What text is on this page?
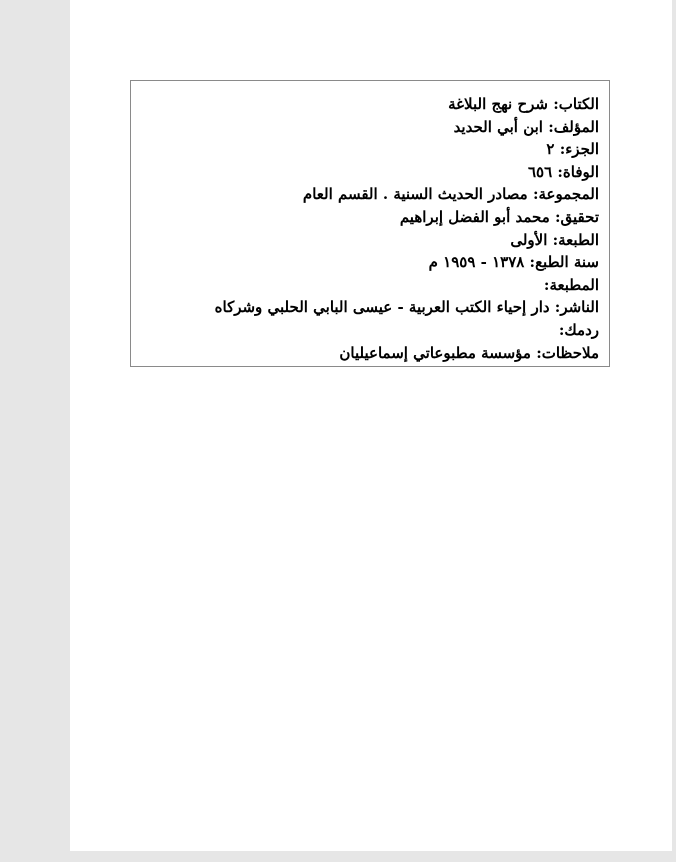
الكتاب : شرح نهج البلاغة
المؤلف : ابن أبي الحديد
الجزء : ٢
الوفاة : ٦٥٦
المجموعة : مصادر الحديث السنية . القسم العام
تحقيق : محمد أبو الفضل إبراهيم
الطبعة : الأولى
سنة الطبع : ١٣٧٨ - ١٩٥٩ م
المطبعة :
الناشر : دار إحياء الكتب العربية - عيسى البابي الحلبي وشركاه
ردمك :
ملاحظات : مؤسسة مطبوعاتي إسماعيليان
